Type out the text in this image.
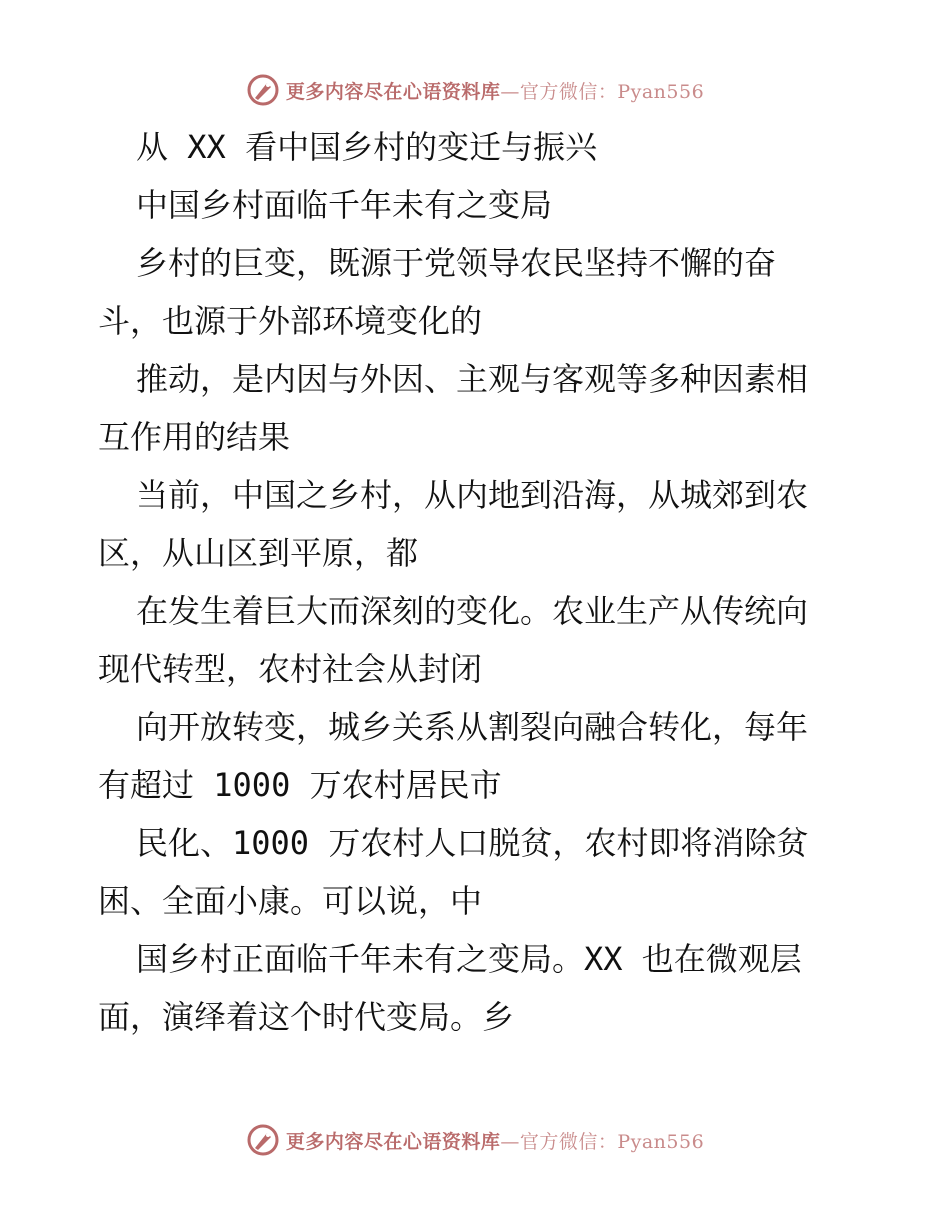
更多内容尽在心语资料库—官方微信：Pyan556
从 XX 看中国乡村的变迁与振兴
中国乡村面临千年未有之变局
乡村的巨变，既源于党领导农民坚持不懈的奋
斗，也源于外部环境变化的
推动，是内因与外因、主观与客观等多种因素相
互作用的结果
当前，中国之乡村，从内地到沿海，从城郊到农
区，从山区到平原，都
在发生着巨大而深刻的变化。农业生产从传统向
现代转型，农村社会从封闭
向开放转变，城乡关系从割裂向融合转化，每年
有超过 1000 万农村居民市
民化、1000 万农村人口脱贫，农村即将消除贫
困、全面小康。可以说，中
国乡村正面临千年未有之变局。XX 也在微观层
面，演绎着这个时代变局。乡
更多内容尽在心语资料库—官方微信：Pyan556
